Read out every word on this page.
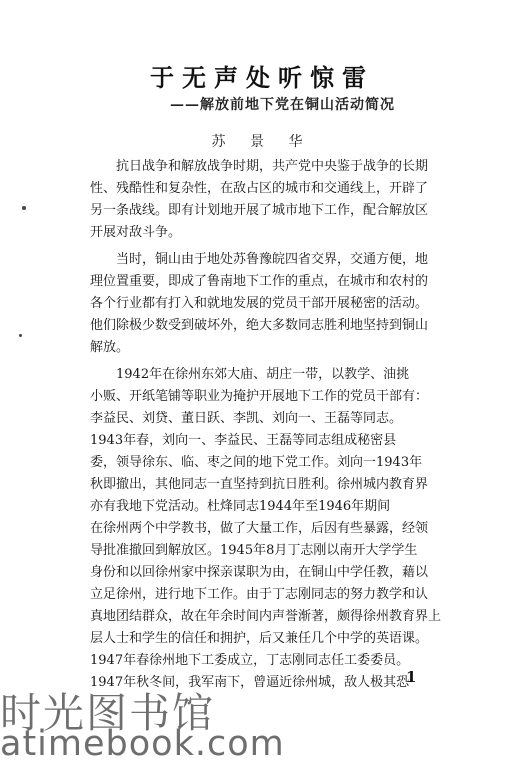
于无声处听惊雷
——解放前地下党在铜山活动简况
苏 景 华
抗日战争和解放战争时期，共产党中央鉴于战争的长期
性、残酷性和复杂性，在敌占区的城市和交通线上，开辟了
另一条战线。即有计划地开展了城市地下工作，配合解放区
开展对敌斗争。
当时，铜山由于地处苏鲁豫皖四省交界，交通方便，地
理位置重要，即成了鲁南地下工作的重点，在城市和农村的
各个行业都有打入和就地发展的党员干部开展秘密的活动。
他们除极少数受到破坏外，绝大多数同志胜利地坚持到铜山
解放。
1942年在徐州东郊大庙、胡庄一带，以教学、油挑
小贩、开纸笔铺等职业为掩护开展地下工作的党员干部有：
李益民、刘贷、董日跃、李凯、刘向一、王磊等同志。
1943年春，刘向一、李益民、王磊等同志组成秘密县
委，领导徐东、临、枣之间的地下党工作。刘向一1943年
秋即撤出，其他同志一直坚持到抗日胜利。徐州城内教育界
亦有我地下党活动。杜烽同志1944年至1946年期间
在徐州两个中学教书，做了大量工作，后因有些暴露，经领
导批准撤回到解放区。1945年8月丁志刚以南开大学学生
身份和以回徐州家中探亲谋职为由，在铜山中学任教，藉以
立足徐州，进行地下工作。由于丁志刚同志的努力教学和认
真地团结群众，故在年余时间内声誉渐著，颇得徐州教育界上
层人士和学生的信任和拥护，后又兼任几个中学的英语课。
1947年春徐州地下工委成立，丁志刚同志任工委委员。
1947年秋冬间，我军南下，曾逼近徐州城，敌人极其恐
1
时光图书馆
atimebook.com
